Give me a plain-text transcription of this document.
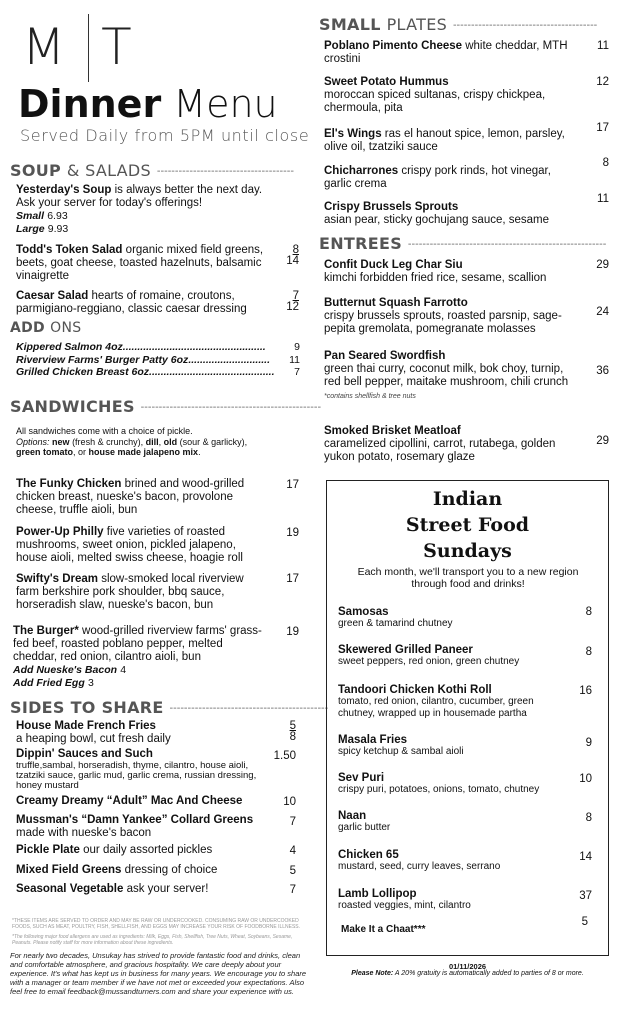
M T
Dinner Menu
Served Daily from 5PM until close
SOUP & SALADS --------------------------------------
Yesterday's Soup is always better the next day.
Ask your server for today's offerings!
Small 6.93
Large 9.93
Todd's Token Salad organic mixed field greens, beets, goat cheese, toasted hazelnuts, balsamic vinaigrette
8
14
Caesar Salad hearts of romaine, croutons, parmigiano-reggiano, classic caesar dressing
7
12
ADD ONS
Kippered Salmon 4oz .................................................	9
Riverview Farms' Burger Patty 6oz ............................	11
Grilled Chicken Breast 6oz ...........................................	7
SANDWICHES --------------------------------------------------
All sandwiches come with a choice of pickle.
Options: new (fresh & crunchy), dill, old (sour & garlicky),
green tomato, or house made jalapeno mix.
The Funky Chicken brined and wood-grilled chicken breast, nueske's bacon, provolone cheese, truffle aioli, bun
17
Power-Up Philly five varieties of roasted mushrooms, sweet onion, pickled jalapeno, house aioli, melted swiss cheese, hoagie roll
19
Swifty's Dream slow-smoked local riverview farm berkshire pork shoulder, bbq sauce, horseradish slaw, nueske's bacon, bun
17
The Burger* wood-grilled riverview farms' grass-fed beef, roasted poblano pepper, melted cheddar, red onion, cilantro aioli, bun
Add Nueske's Bacon 4
Add Fried Egg 3
19
SIDES TO SHARE --------------------------------------------
House Made French Fries
a heaping bowl, cut fresh daily
5
8
Dippin' Sauces and Such

truffle,sambal, horseradish, thyme, cilantro, house aioli, tzatziki sauce, garlic mud, garlic crema, russian dressing, honey mustard
1.50
Creamy Dreamy “Adult” Mac And Cheese	10
Mussman's “Damn Yankee” Collard Greens
made with nueske's bacon
7
Pickle Plate our daily assorted pickles	4
Mixed Field Greens dressing of choice	5
Seasonal Vegetable ask your server!	7
*THESE ITEMS ARE SERVED TO ORDER AND MAY BE RAW OR UNDERCOOKED. CONSUMING RAW OR UNDERCOOKED FOODS, SUCH AS MEAT, POULTRY, FISH, SHELLFISH, AND EGGS MAY INCREASE YOUR RISK OF FOODBORNE ILLNESS.
*The following major food allergens are used as ingredients: Milk, Eggs, Fish, Shellfish, Tree Nuts, Wheat, Soybeans, Sesame, Peanuts. Please notify staff for more information about these ingredients.
For nearly two decades, Unsukay has strived to provide fantastic food and drinks, clean and comfortable atmosphere, and gracious hospitality. We care deeply about your experience. It's what has kept us in business for many years. We encourage you to share with a manager or team member if we have not met or exceeded your expectations. Also feel free to email feedback@mussandturners.com and share your experience with us.
SMALL PLATES ----------------------------------------
Poblano Pimento Cheese white cheddar, MTH crostini
11
Sweet Potato Hummus
moroccan spiced sultanas, crispy chickpea, chermoula, pita
12
El's Wings ras el hanout spice, lemon, parsley, olive oil, tzatziki sauce
17
Chicharrones crispy pork rinds, hot vinegar, garlic crema
8
Crispy Brussels Sprouts
asian pear, sticky gochujang sauce, sesame
11
ENTREES -------------------------------------------------------
Confit Duck Leg Char Siu
kimchi forbidden fried rice, sesame, scallion
29
Butternut Squash Farrotto
crispy brussels sprouts, roasted parsnip, sage-pepita gremolata, pomegranate molasses
24
Pan Seared Swordfish
green thai curry, coconut milk, bok choy, turnip, red bell pepper, maitake mushroom, chili crunch
*contains shellfish & tree nuts
36
Smoked Brisket Meatloaf
caramelized cipollini, carrot, rutabega, golden yukon potato, rosemary glaze
29
Indian
Street Food
Sundays
Each month, we'll transport you to a new region through food and drinks!
Samosas
green & tamarind chutney
8
Skewered Grilled Paneer
sweet peppers, red onion, green chutney
8
Tandoori Chicken Kothi Roll
tomato, red onion, cilantro, cucumber, green chutney, wrapped up in housemade partha
16
Masala Fries
spicy ketchup & sambal aioli
9
Sev Puri
crispy puri, potatoes, onions, tomato, chutney
10
Naan
garlic butter
8
Chicken 65
mustard, seed, curry leaves, serrano
14
Lamb Lollipop
roasted veggies, mint, cilantro
37
Make It a Chaat***
5
01/11/2026
Please Note: A 20% gratuity is automatically added to parties of 8 or more.
